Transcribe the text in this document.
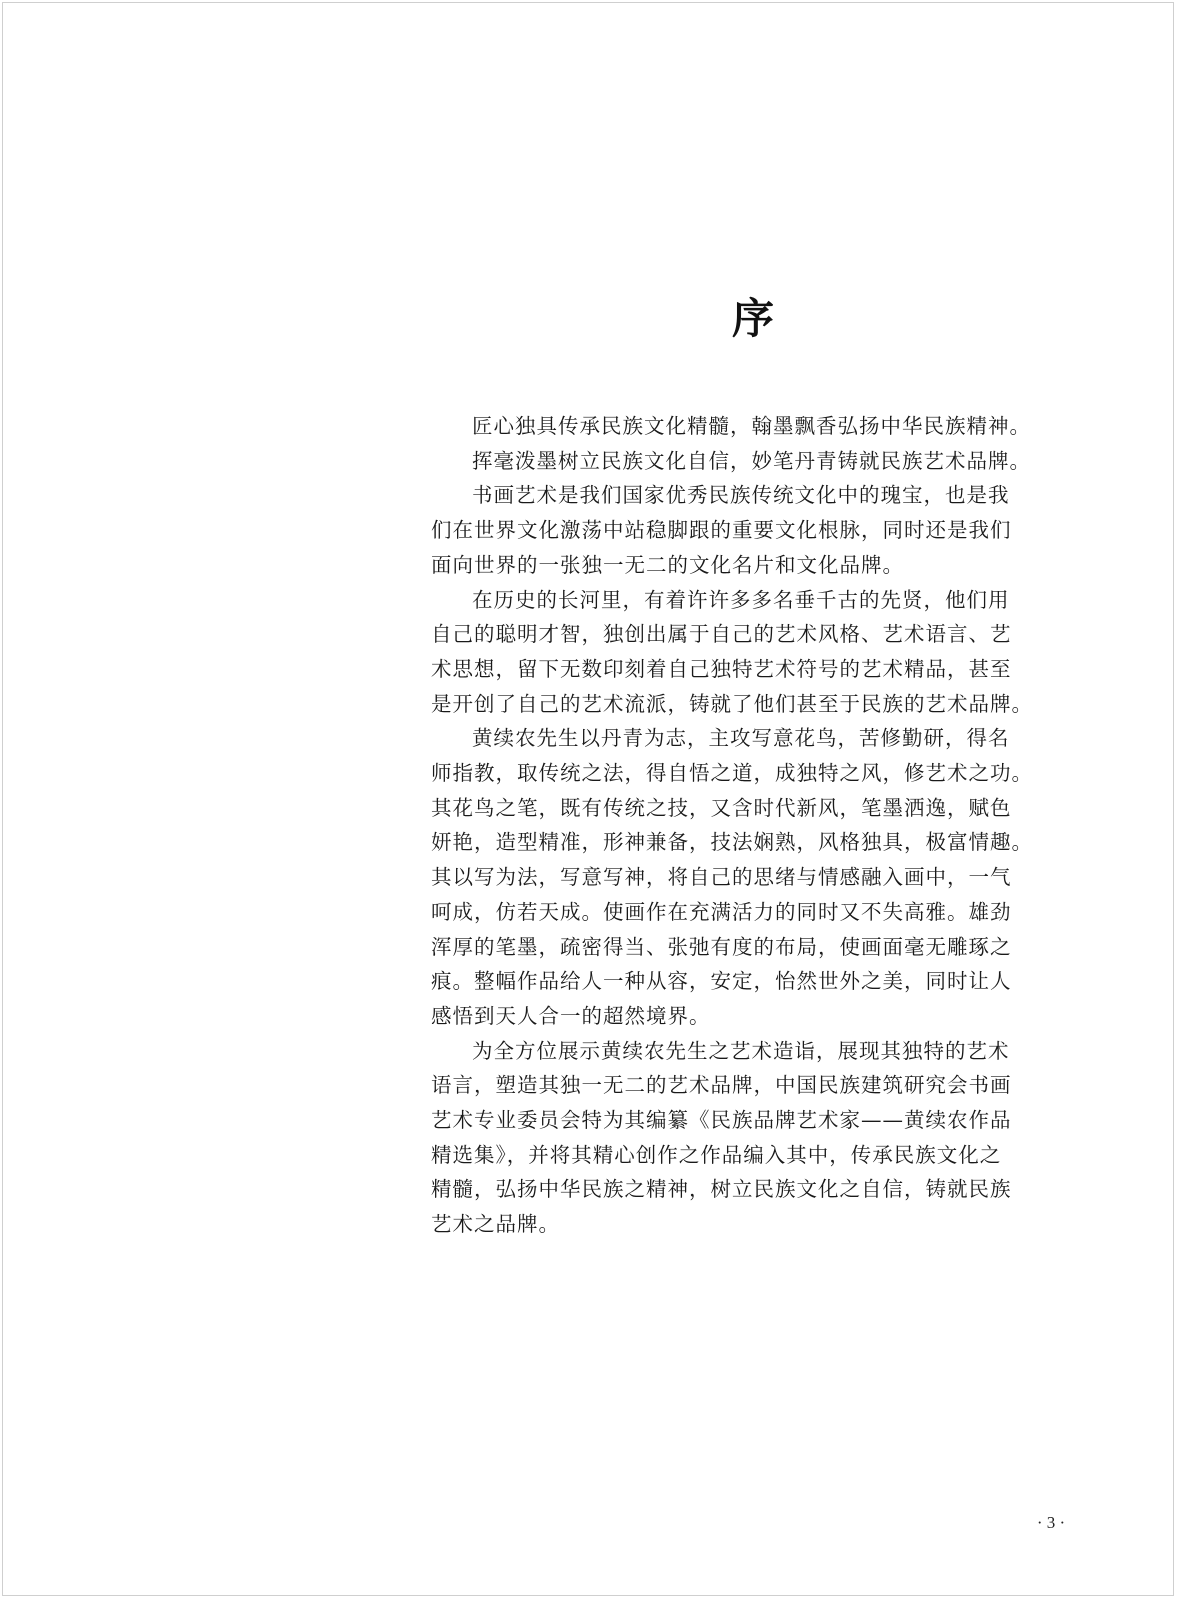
序

匠心独具传承民族文化精髓，翰墨飘香弘扬中华民族精神。

挥毫泼墨树立民族文化自信，妙笔丹青铸就民族艺术品牌。

书画艺术是我们国家优秀民族传统文化中的瑰宝，也是我
们在世界文化激荡中站稳脚跟的重要文化根脉，同时还是我们
面向世界的一张独一无二的文化名片和文化品牌。

在历史的长河里，有着许许多多名垂千古的先贤，他们用
自己的聪明才智，独创出属于自己的艺术风格、艺术语言、艺
术思想，留下无数印刻着自己独特艺术符号的艺术精品，甚至
是开创了自己的艺术流派，铸就了他们甚至于民族的艺术品牌。

黄续农先生以丹青为志，主攻写意花鸟，苦修勤研，得名
师指教，取传统之法，得自悟之道，成独特之风，修艺术之功。
其花鸟之笔，既有传统之技，又含时代新风，笔墨洒逸，赋色
妍艳，造型精准，形神兼备，技法娴熟，风格独具，极富情趣。
其以写为法，写意写神，将自己的思绪与情感融入画中，一气
呵成，仿若天成。使画作在充满活力的同时又不失高雅。雄劲
浑厚的笔墨，疏密得当、张弛有度的布局，使画面毫无雕琢之
痕。整幅作品给人一种从容，安定，怡然世外之美，同时让人
感悟到天人合一的超然境界。

为全方位展示黄续农先生之艺术造诣，展现其独特的艺术
语言，塑造其独一无二的艺术品牌，中国民族建筑研究会书画
艺术专业委员会特为其编纂《民族品牌艺术家——黄续农作品
精选集》，并将其精心创作之作品编入其中，传承民族文化之
精髓，弘扬中华民族之精神，树立民族文化之自信，铸就民族
艺术之品牌。

· 3 ·
